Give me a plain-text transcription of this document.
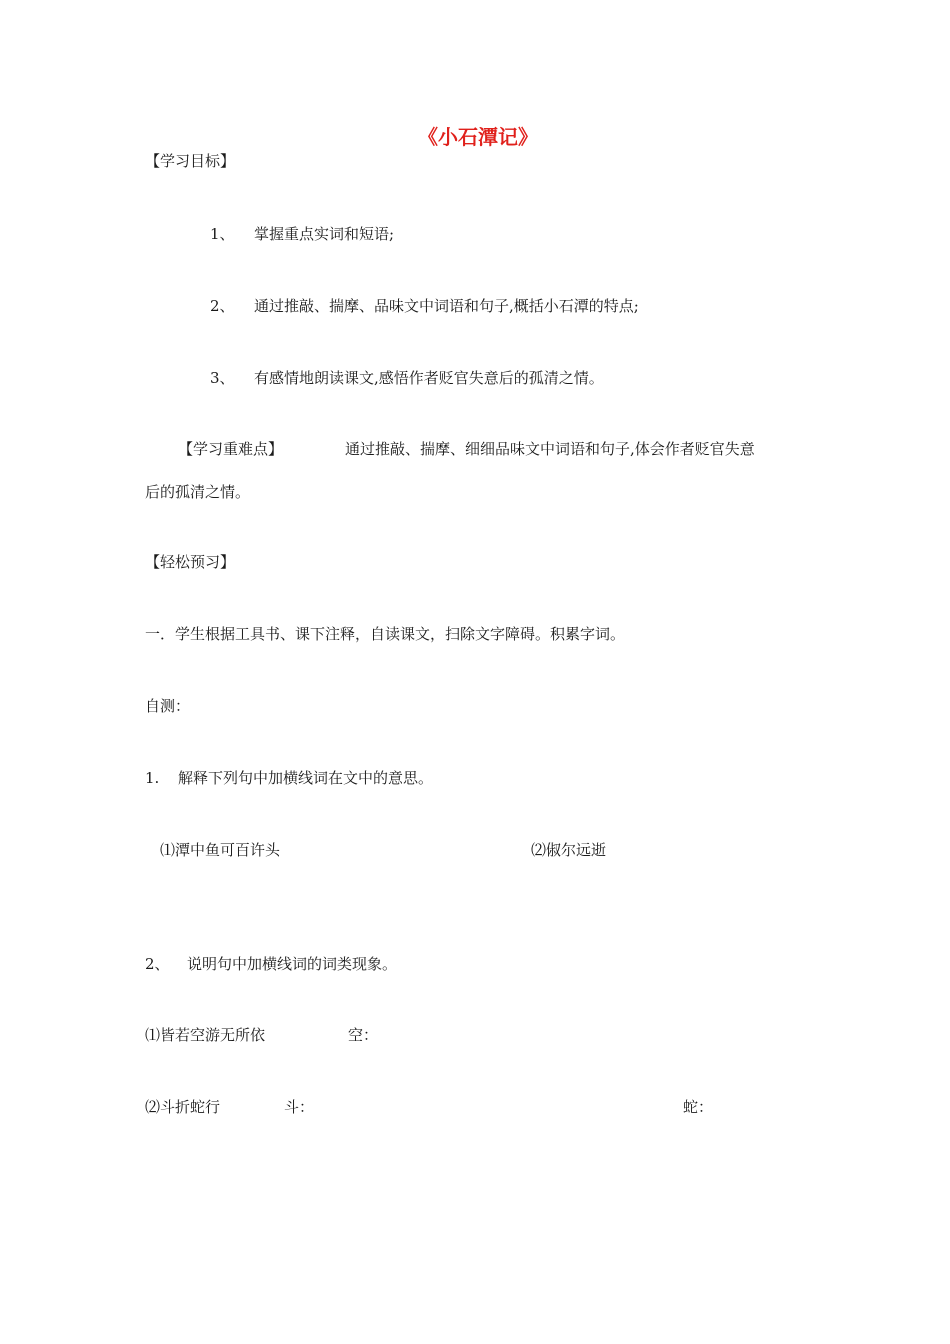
《小石潭记》
【学习目标】
1、 掌握重点实词和短语;
2、 通过推敲、揣摩、品味文中词语和句子,概括小石潭的特点;
3、 有感情地朗读课文,感悟作者贬官失意后的孤清之情。
【学习重难点】	通过推敲、揣摩、细细品味文中词语和句子,体会作者贬官失意
后的孤清之情。
【轻松预习】
一．学生根据工具书、课下注释，自读课文，扫除文字障碍。积累字词。
自测：
1. 解释下列句中加横线词在文中的意思。
⑴潭中鱼可百许头	⑵俶尔远逝
2、 说明句中加横线词的词类现象。
⑴皆若空游无所依	空：
⑵斗折蛇行	斗：	蛇：
